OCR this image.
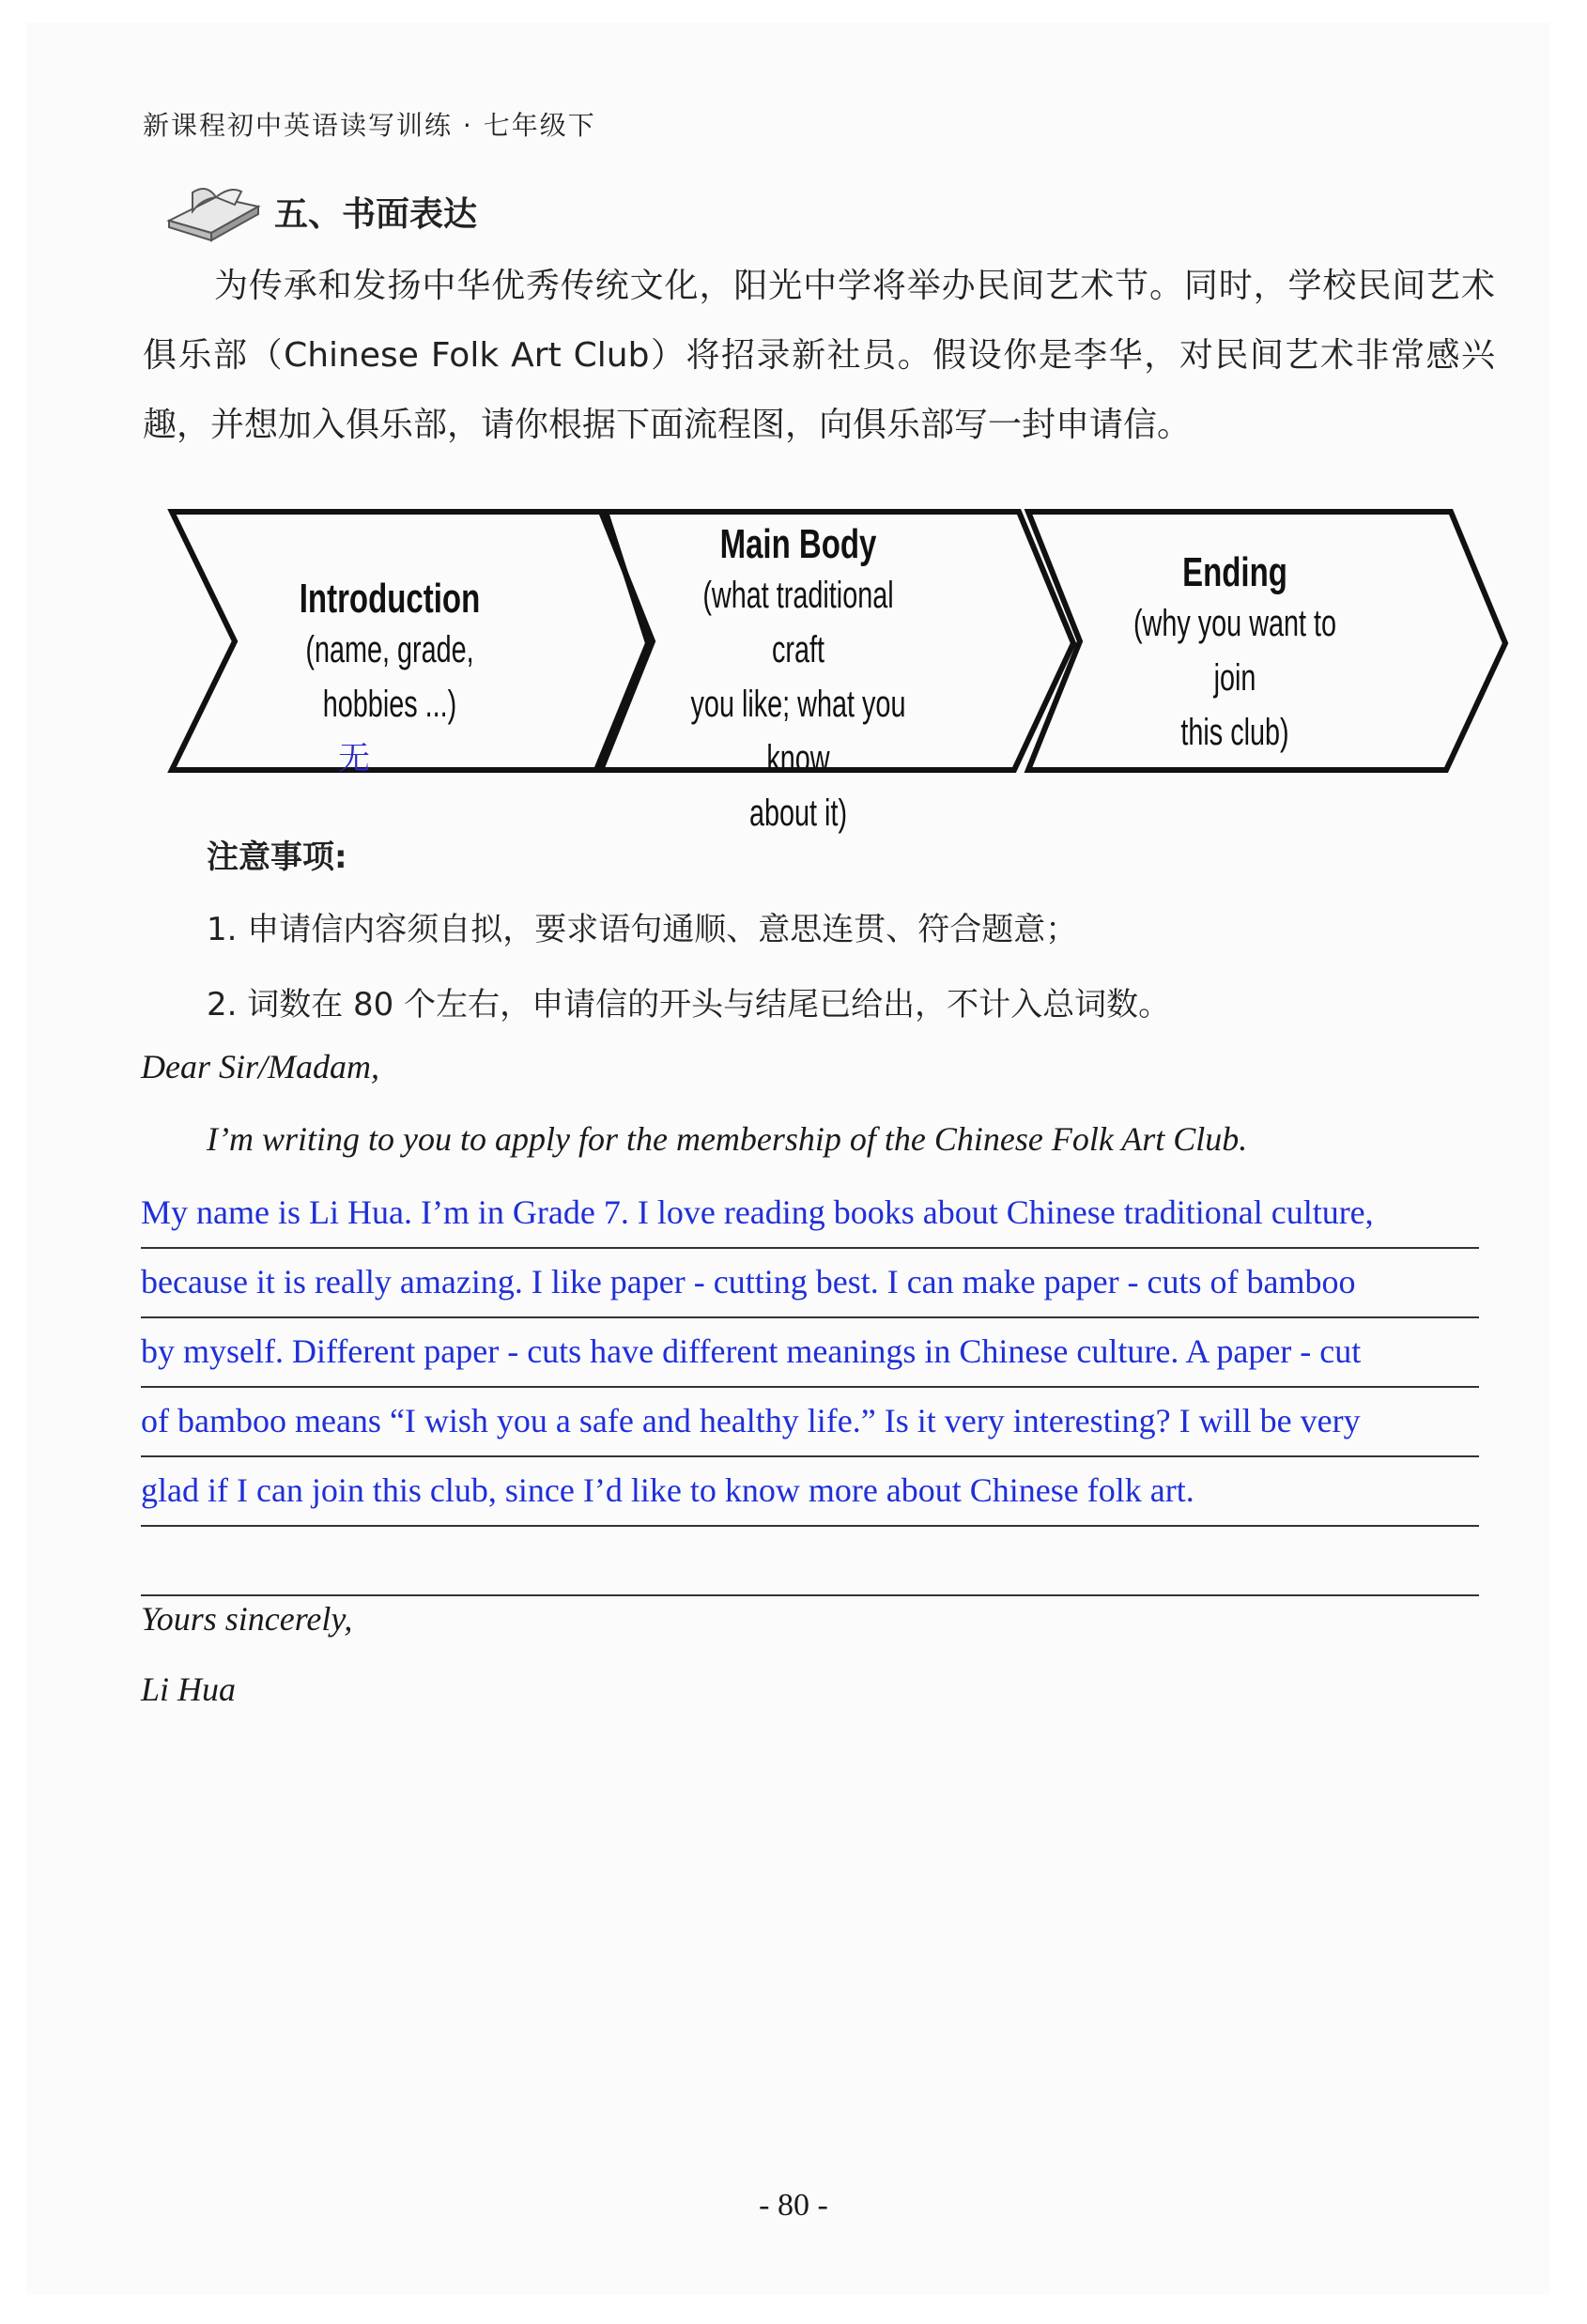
新课程初中英语读写训练 · 七年级下
五、书面表达
为传承和发扬中华优秀传统文化，阳光中学将举办民间艺术节。同时，学校民间艺术俱乐部（Chinese Folk Art Club）将招录新社员。假设你是李华，对民间艺术非常感兴趣，并想加入俱乐部，请你根据下面流程图，向俱乐部写一封申请信。
Introduction
(name, grade, hobbies ...)
Main Body
(what traditional craft
you like; what you know
about it)
Ending
(why you want to join
this club)
无
注意事项:
1. 申请信内容须自拟，要求语句通顺、意思连贯、符合题意；
2. 词数在 80 个左右，申请信的开头与结尾已给出，不计入总词数。
Dear Sir/Madam,
I’m writing to you to apply for the membership of the Chinese Folk Art Club.
My name is Li Hua. I’m in Grade 7. I love reading books about Chinese traditional culture,
because it is really amazing. I like paper - cutting best. I can make paper - cuts of bamboo
by myself. Different paper - cuts have different meanings in Chinese culture. A paper - cut
of bamboo means “I wish you a safe and healthy life.” Is it very interesting? I will be very
glad if I can join this club, since I’d like to know more about Chinese folk art.
Yours sincerely,
Li Hua
- 80 -
